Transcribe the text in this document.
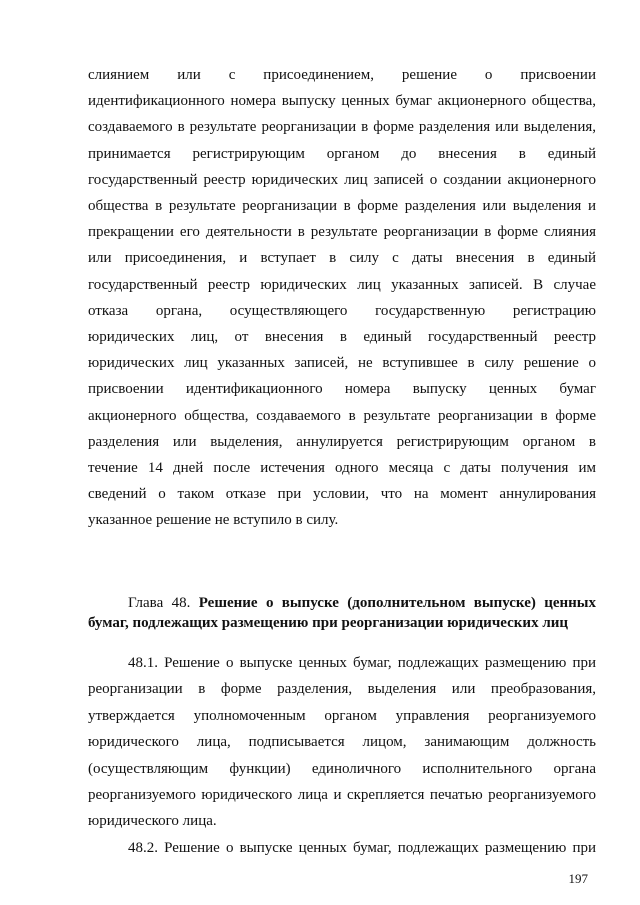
слиянием или с присоединением, решение о присвоении
идентификационного номера выпуску ценных бумаг акционерного общества,
создаваемого в результате реорганизации в форме разделения или выделения,
принимается регистрирующим органом до внесения в единый
государственный реестр юридических лиц записей о создании акционерного
общества в результате реорганизации в форме разделения или выделения и
прекращении его деятельности в результате реорганизации в форме слияния
или присоединения, и вступает в силу с даты внесения в единый
государственный реестр юридических лиц указанных записей. В случае
отказа органа, осуществляющего государственную регистрацию
юридических лиц, от внесения в единый государственный реестр
юридических лиц указанных записей, не вступившее в силу решение о
присвоении идентификационного номера выпуску ценных бумаг
акционерного общества, создаваемого в результате реорганизации в форме
разделения или выделения, аннулируется регистрирующим органом в
течение 14 дней после истечения одного месяца с даты получения им
сведений о таком отказе при условии, что на момент аннулирования
указанное решение не вступило в силу.
Глава 48. Решение о выпуске (дополнительном выпуске) ценных
бумаг, подлежащих размещению при реорганизации юридических лиц
48.1. Решение о выпуске ценных бумаг, подлежащих размещению при
реорганизации в форме разделения, выделения или преобразования,
утверждается уполномоченным органом управления реорганизуемого
юридического лица, подписывается лицом, занимающим должность
(осуществляющим функции) единоличного исполнительного органа
реорганизуемого юридического лица и скрепляется печатью реорганизуемого
юридического лица.
48.2. Решение о выпуске ценных бумаг, подлежащих размещению при
197
